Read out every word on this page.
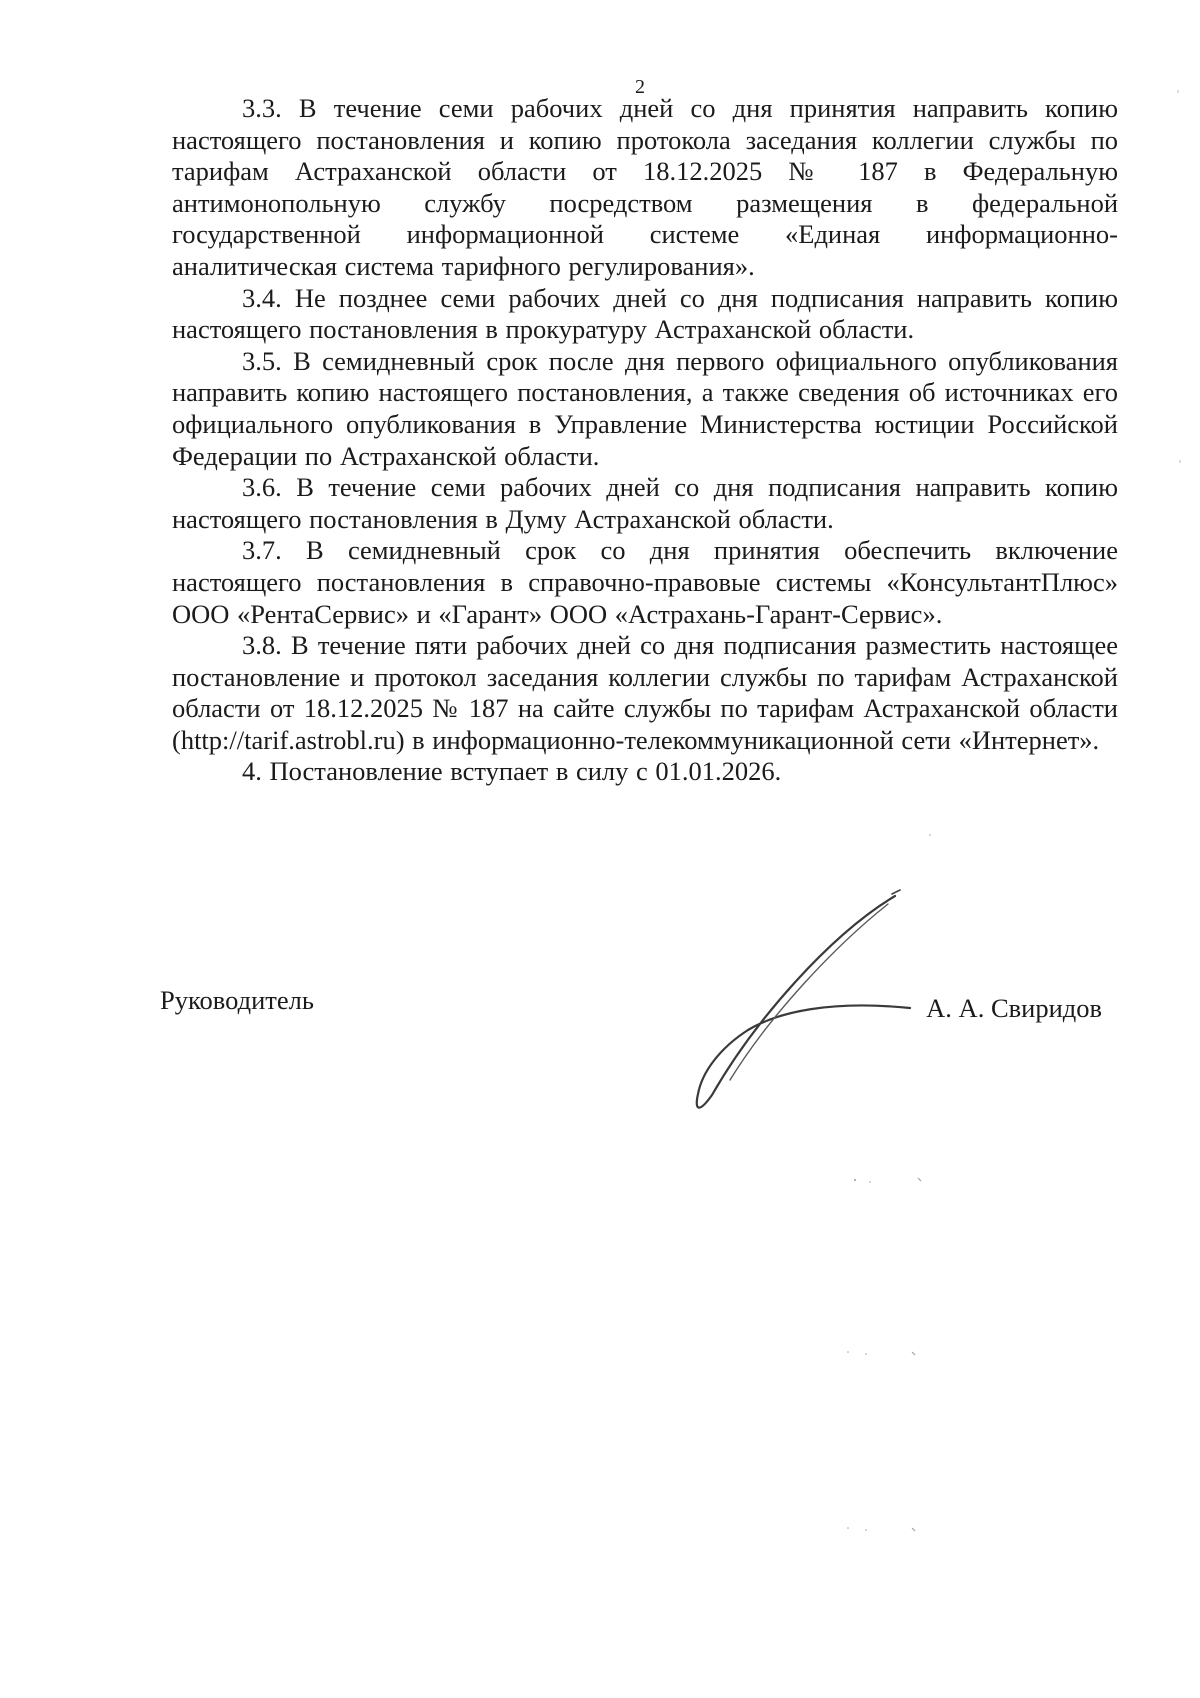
2

3.3. В течение семи рабочих дней со дня принятия направить копию настоящего постановления и копию протокола заседания коллегии службы по тарифам Астраханской области от 18.12.2025 № 187 в Федеральную антимонопольную службу посредством размещения в федеральной государственной информационной системе «Единая информационно-аналитическая система тарифного регулирования».

3.4. Не позднее семи рабочих дней со дня подписания направить копию настоящего постановления в прокуратуру Астраханской области.

3.5. В семидневный срок после дня первого официального опубликования направить копию настоящего постановления, а также сведения об источниках его официального опубликования в Управление Министерства юстиции Российской Федерации по Астраханской области.

3.6. В течение семи рабочих дней со дня подписания направить копию настоящего постановления в Думу Астраханской области.

3.7. В семидневный срок со дня принятия обеспечить включение настоящего постановления в справочно-правовые системы «КонсультантПлюс» ООО «РентаСервис» и «Гарант» ООО «Астрахань-Гарант-Сервис».

3.8. В течение пяти рабочих дней со дня подписания разместить настоящее постановление и протокол заседания коллегии службы по тарифам Астраханской области от 18.12.2025 № 187 на сайте службы по тарифам Астраханской области (http://tarif.astrobl.ru) в информационно-телекоммуникационной сети «Интернет».

4. Постановление вступает в силу с 01.01.2026.

Руководитель	А. А. Свиридов
